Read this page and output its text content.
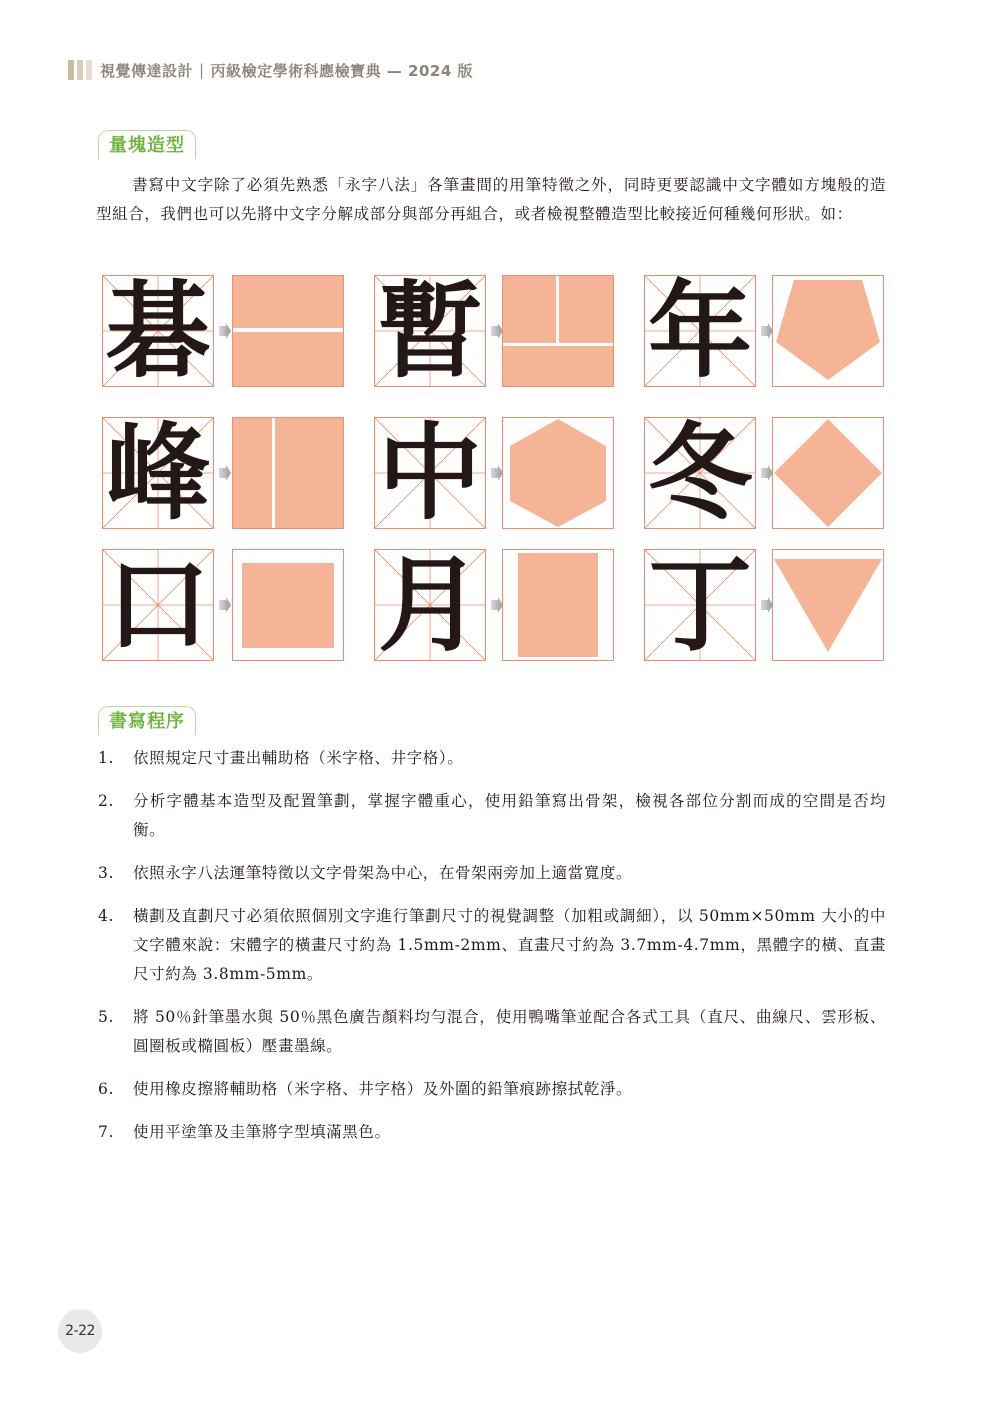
視覺傳達設計 | 丙級檢定學術科應檢寶典 — 2024 版
量塊造型

書寫中文字除了必須先熟悉「永字八法」各筆畫間的用筆特徵之外，同時更要認識中文字體如方塊般的造型組合，我們也可以先將中文字分解成部分與部分再組合，或者檢視整體造型比較接近何種幾何形狀。如：

碁 暫 年
峰 中 冬
口 月 丁
書寫程序
1. 依照規定尺寸畫出輔助格（米字格、井字格）。
2. 分析字體基本造型及配置筆劃，掌握字體重心，使用鉛筆寫出骨架，檢視各部位分割而成的空間是否均衡。
3. 依照永字八法運筆特徵以文字骨架為中心，在骨架兩旁加上適當寬度。
4. 橫劃及直劃尺寸必須依照個別文字進行筆劃尺寸的視覺調整（加粗或調細），以 50mm×50mm 大小的中文字體來說：宋體字的橫畫尺寸約為 1.5mm-2mm、直畫尺寸約為 3.7mm-4.7mm，黑體字的橫、直畫尺寸約為 3.8mm-5mm。
5. 將 50％針筆墨水與 50％黑色廣告顏料均勻混合，使用鴨嘴筆並配合各式工具（直尺、曲線尺、雲形板、圓圈板或橢圓板）壓畫墨線。
6. 使用橡皮擦將輔助格（米字格、井字格）及外圍的鉛筆痕跡擦拭乾淨。
7. 使用平塗筆及圭筆將字型填滿黑色。
2-22
